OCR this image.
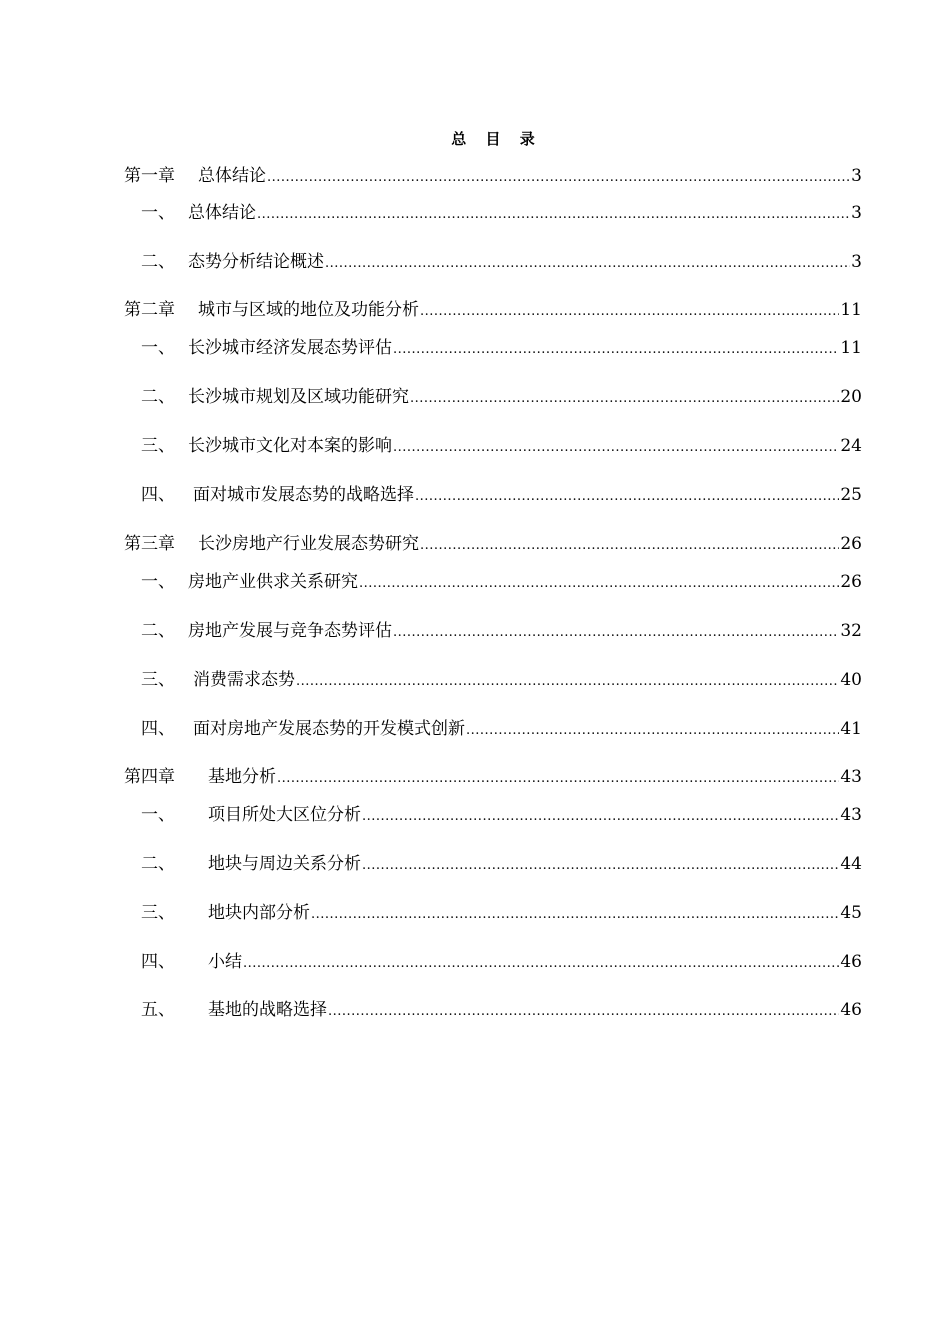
总 目 录
第一章	总体结论 .....	3
一、 总体结论 .....	3
二、 态势分析结论概述 .....	3
第二章	城市与区域的地位及功能分析 .....	11
一、 长沙城市经济发展态势评估 .....	11
二、 长沙城市规划及区域功能研究 .....	20
三、 长沙城市文化对本案的影响 .....	24
四、	面对城市发展态势的战略选择 .....	25
第三章	长沙房地产行业发展态势研究 .....	26
一、 房地产业供求关系研究 .....	26
二、 房地产发展与竞争态势评估 .....	32
三、	消费需求态势 .....	40
四、	面对房地产发展态势的开发模式创新 .....	41
第四章	基地分析 .....	43
一、	项目所处大区位分析 .....	43
二、	地块与周边关系分析 .....	44
三、	地块内部分析 .....	45
四、	小结 .....	46
五、	基地的战略选择 .....	46
